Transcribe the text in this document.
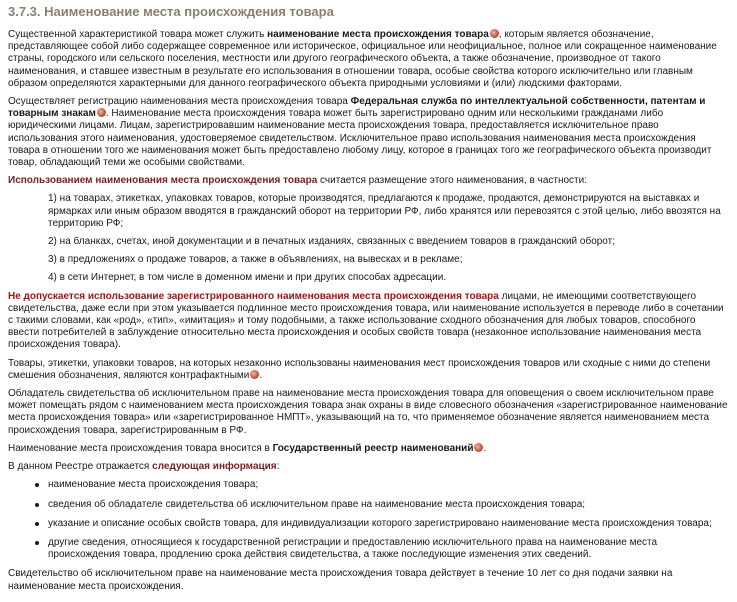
3.7.3. Наименование места происхождения товара

Существенной характеристикой товара может служить наименование места происхождения товара , которым является обозначение, представляющее собой либо содержащее современное или историческое, официальное или неофициальное, полное или сокращенное наименование страны, городского или сельского поселения, местности или другого географического объекта, а также обозначение, производное от такого наименования, и ставшее известным в результате его использования в отношении товара, особые свойства которого исключительно или главным образом определяются характерными для данного географического объекта природными условиями и (или) людскими факторами.

Осуществляет регистрацию наименования места происхождения товара Федеральная служба по интеллектуальной собственности, патентам и товарным знакам . Наименование места происхождения товара может быть зарегистрировано одним или несколькими гражданами либо юридическими лицами. Лицам, зарегистрировавшим наименование места происхождения товара, предоставляется исключительное право использования этого наименования, удостоверяемое свидетельством. Исключительное право использования наименования места происхождения товара в отношении того же наименования может быть предоставлено любому лицу, которое в границах того же географического объекта производит товар, обладающий теми же особыми свойствами.

Использованием наименования места происхождения товара считается размещение этого наименования, в частности:

1) на товарах, этикетках, упаковках товаров, которые производятся, предлагаются к продаже, продаются, демонстрируются на выставках и ярмарках или иным образом вводятся в гражданский оборот на территории РФ, либо хранятся или перевозятся с этой целью, либо ввозятся на территорию РФ;
2) на бланках, счетах, иной документации и в печатных изданиях, связанных с введением товаров в гражданский оборот;
3) в предложениях о продаже товаров, а также в объявлениях, на вывесках и в рекламе;
4) в сети Интернет, в том числе в доменном имени и при других способах адресации.

Не допускается использование зарегистрированного наименования места происхождения товара лицами, не имеющими соответствующего свидетельства, даже если при этом указывается подлинное место происхождения товара, или наименование используется в переводе либо в сочетании с такими словами, как «род», «тип», «имитация» и тому подобными, а также использование сходного обозначения для любых товаров, способного ввести потребителей в заблуждение относительно места происхождения и особых свойств товара (незаконное использование наименования места происхождения товара).

Товары, этикетки, упаковки товаров, на которых незаконно использованы наименования мест происхождения товаров или сходные с ними до степени смешения обозначения, являются контрафактными .

Обладатель свидетельства об исключительном праве на наименование места происхождения товара для оповещения о своем исключительном праве может помещать рядом с наименованием места происхождения товара знак охраны в виде словесного обозначения «зарегистрированное наименование места происхождения товара» или «зарегистрированное НМПТ», указывающий на то, что применяемое обозначение является наименованием места происхождения товара, зарегистрированным в РФ.

Наименование места происхождения товара вносится в Государственный реестр наименований .

В данном Реестре отражается следующая информация:

наименование места происхождения товара;
сведения об обладателе свидетельства об исключительном праве на наименование места происхождения товара;
указание и описание особых свойств товара, для индивидуализации которого зарегистрировано наименование места происхождения товара;
другие сведения, относящиеся к государственной регистрации и предоставлению исключительного права на наименование места происхождения товара, продлению срока действия свидетельства, а также последующие изменения этих сведений.

Свидетельство об исключительном праве на наименование места происхождения товара действует в течение 10 лет со дня подачи заявки на наименование места происхождения.
